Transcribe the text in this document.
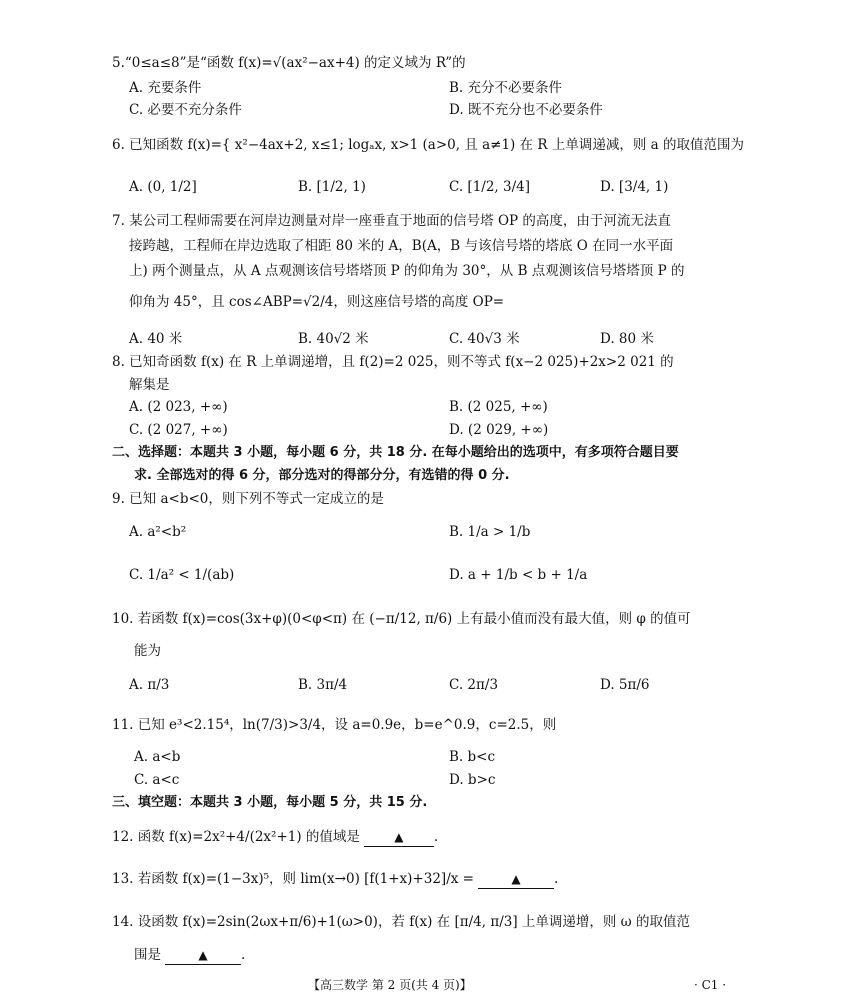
5.“0≤a≤8”是“函数 f(x)=√(ax²−ax+4) 的定义域为 R”的
A. 充要条件	B. 充分不必要条件
C. 必要不充分条件	D. 既不充分也不必要条件
6. 已知函数 f(x)={ x²−4ax+2, x≤1; logₐx, x>1 (a>0, 且 a≠1) 在 R 上单调递减，则 a 的取值范围为
A. (0, 1/2]	B. [1/2, 1)	C. [1/2, 3/4]	D. [3/4, 1)
7. 某公司工程师需要在河岸边测量对岸一座垂直于地面的信号塔 OP 的高度，由于河流无法直
接跨越，工程师在岸边选取了相距 80 米的 A，B(A，B 与该信号塔的塔底 O 在同一水平面
上) 两个测量点，从 A 点观测该信号塔塔顶 P 的仰角为 30°，从 B 点观测该信号塔塔顶 P 的
仰角为 45°，且 cos∠ABP=√2/4，则这座信号塔的高度 OP=
A. 40 米	B. 40√2 米	C. 40√3 米	D. 80 米
8. 已知奇函数 f(x) 在 R 上单调递增，且 f(2)=2 025，则不等式 f(x−2 025)+2x>2 021 的
解集是
A. (2 023, +∞)	B. (2 025, +∞)
C. (2 027, +∞)	D. (2 029, +∞)
二、选择题：本题共 3 小题，每小题 6 分，共 18 分. 在每小题给出的选项中，有多项符合题目要
求. 全部选对的得 6 分，部分选对的得部分分，有选错的得 0 分.
9. 已知 a<b<0，则下列不等式一定成立的是
A. a²<b²	B. 1/a > 1/b
C. 1/a² < 1/(ab)	D. a + 1/b < b + 1/a
10. 若函数 f(x)=cos(3x+φ)(0<φ<π) 在 (−π/12, π/6) 上有最小值而没有最大值，则 φ 的值可
能为
A. π/3	B. 3π/4	C. 2π/3	D. 5π/6
11. 已知 e³<2.15⁴，ln(7/3)>3/4，设 a=0.9e，b=e^0.9，c=2.5，则
A. a<b	B. b<c
C. a<c	D. b>c
三、填空题：本题共 3 小题，每小题 5 分，共 15 分.
12. 函数 f(x)=2x²+4/(2x²+1) 的值域是	▲ .
13. 若函数 f(x)=(1−3x)⁵，则 lim(x→0) [f(1+x)+32]/x =	▲ .
14. 设函数 f(x)=2sin(2ωx+π/6)+1(ω>0)，若 f(x) 在 [π/4, π/3] 上单调递增，则 ω 的取值范
围是	▲ .
【高三数学 第 2 页(共 4 页)】	· C1 ·
